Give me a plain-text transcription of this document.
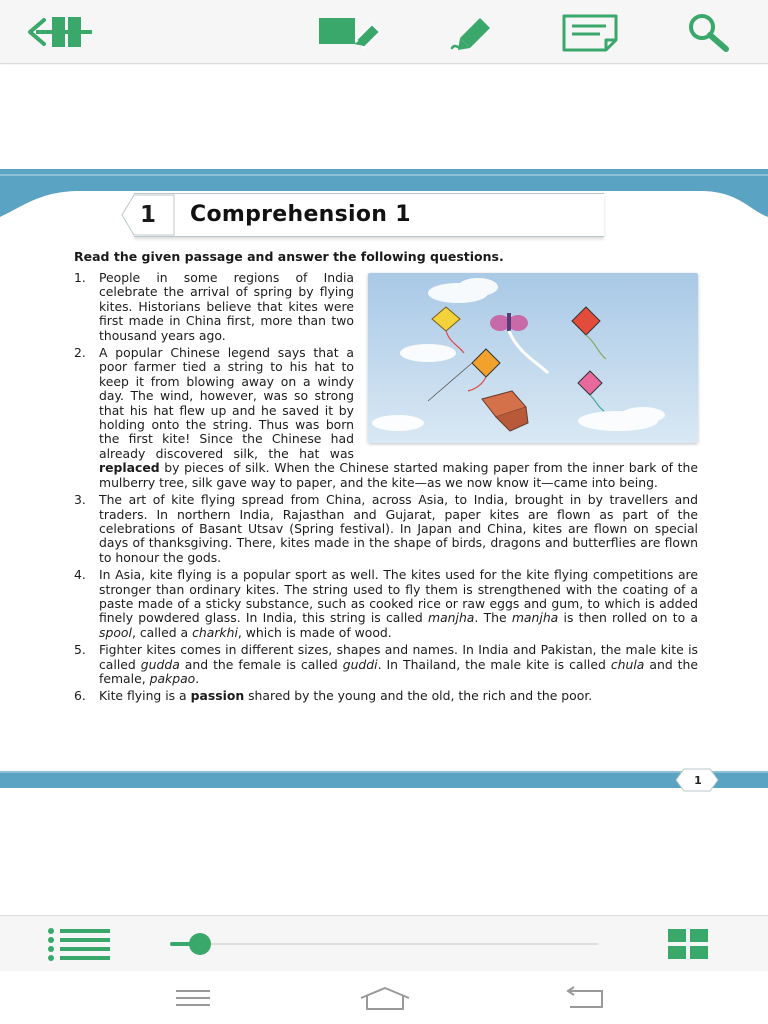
1	Comprehension 1
Read the given passage and answer the following questions.
1. People in some regions of India celebrate the arrival of spring by flying kites. Historians believe that kites were first made in China first, more than two thousand years ago.
2. A popular Chinese legend says that a poor farmer tied a string to his hat to keep it from blowing away on a windy day. The wind, however, was so strong that his hat flew up and he saved it by holding onto the string. Thus was born the first kite! Since the Chinese had already discovered silk, the hat was replaced by pieces of silk. When the Chinese started making paper from the inner bark of the mulberry tree, silk gave way to paper, and the kite—as we now know it—came into being.
3. The art of kite flying spread from China, across Asia, to India, brought in by travellers and traders. In northern India, Rajasthan and Gujarat, paper kites are flown as part of the celebrations of Basant Utsav (Spring festival). In Japan and China, kites are flown on special days of thanksgiving. There, kites made in the shape of birds, dragons and butterflies are flown to honour the gods.
4. In Asia, kite flying is a popular sport as well. The kites used for the kite flying competitions are stronger than ordinary kites. The string used to fly them is strengthened with the coating of a paste made of a sticky substance, such as cooked rice or raw eggs and gum, to which is added finely powdered glass. In India, this string is called manjha. The manjha is then rolled on to a spool, called a charkhi, which is made of wood.
5. Fighter kites comes in different sizes, shapes and names. In India and Pakistan, the male kite is called gudda and the female is called guddi. In Thailand, the male kite is called chula and the female, pakpao.
6. Kite flying is a passion shared by the young and the old, the rich and the poor.
1
